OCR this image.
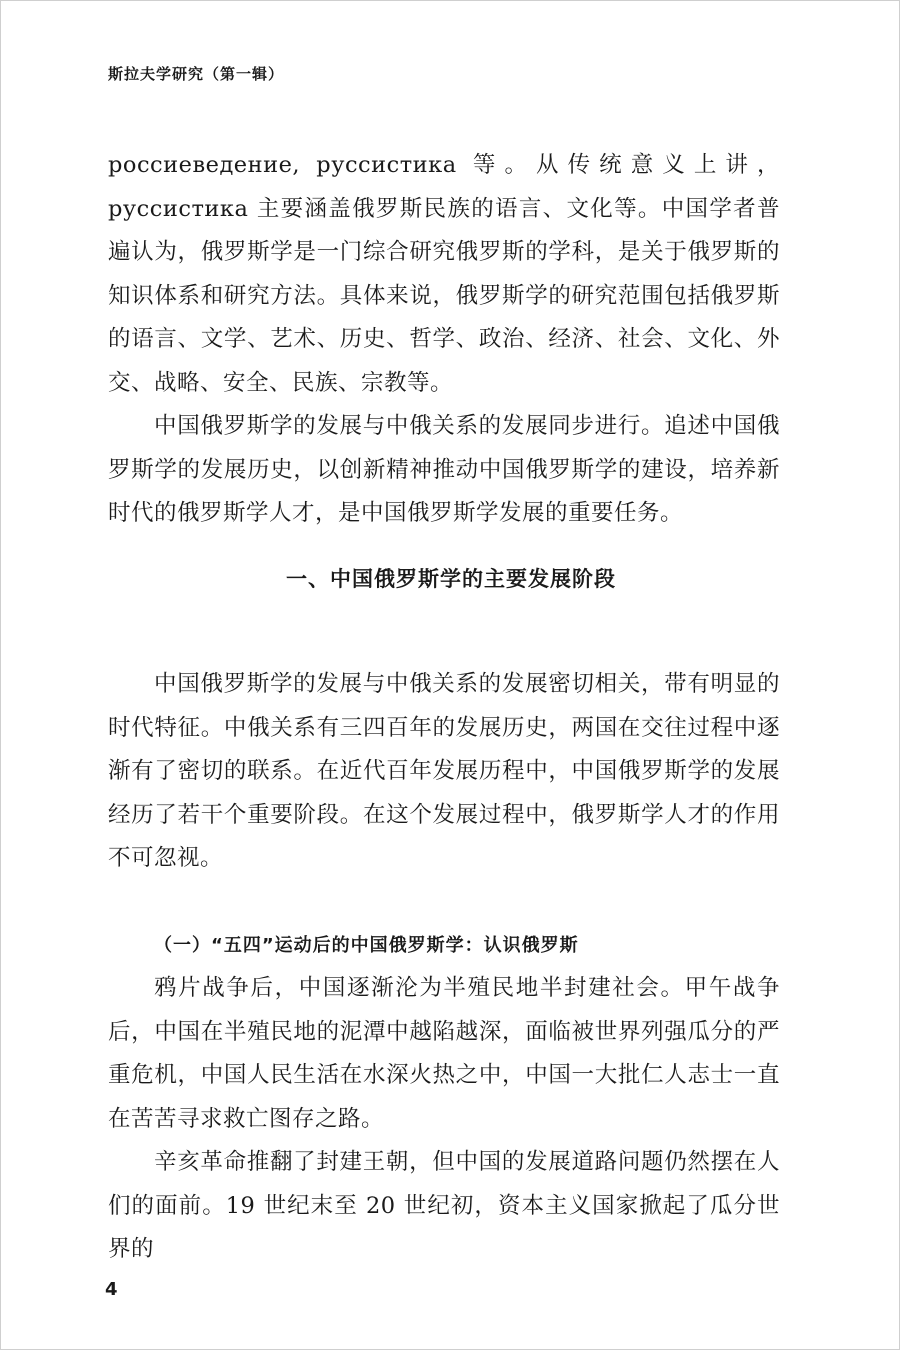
斯拉夫学研究（第一辑）

россиеведение, руссистика 等。从传统意义上讲，руссистика 主要涵盖俄罗斯民族的语言、文化等。中国学者普遍认为，俄罗斯学是一门综合研究俄罗斯的学科，是关于俄罗斯的知识体系和研究方法。具体来说，俄罗斯学的研究范围包括俄罗斯的语言、文学、艺术、历史、哲学、政治、经济、社会、文化、外交、战略、安全、民族、宗教等。

中国俄罗斯学的发展与中俄关系的发展同步进行。追述中国俄罗斯学的发展历史，以创新精神推动中国俄罗斯学的建设，培养新时代的俄罗斯学人才，是中国俄罗斯学发展的重要任务。

一、中国俄罗斯学的主要发展阶段

中国俄罗斯学的发展与中俄关系的发展密切相关，带有明显的时代特征。中俄关系有三四百年的发展历史，两国在交往过程中逐渐有了密切的联系。在近代百年发展历程中，中国俄罗斯学的发展经历了若干个重要阶段。在这个发展过程中，俄罗斯学人才的作用不可忽视。

（一）“五四”运动后的中国俄罗斯学：认识俄罗斯

鸦片战争后，中国逐渐沦为半殖民地半封建社会。甲午战争后，中国在半殖民地的泥潭中越陷越深，面临被世界列强瓜分的严重危机，中国人民生活在水深火热之中，中国一大批仁人志士一直在苦苦寻求救亡图存之路。

辛亥革命推翻了封建王朝，但中国的发展道路问题仍然摆在人们的面前。19 世纪末至 20 世纪初，资本主义国家掀起了瓜分世界的

4
